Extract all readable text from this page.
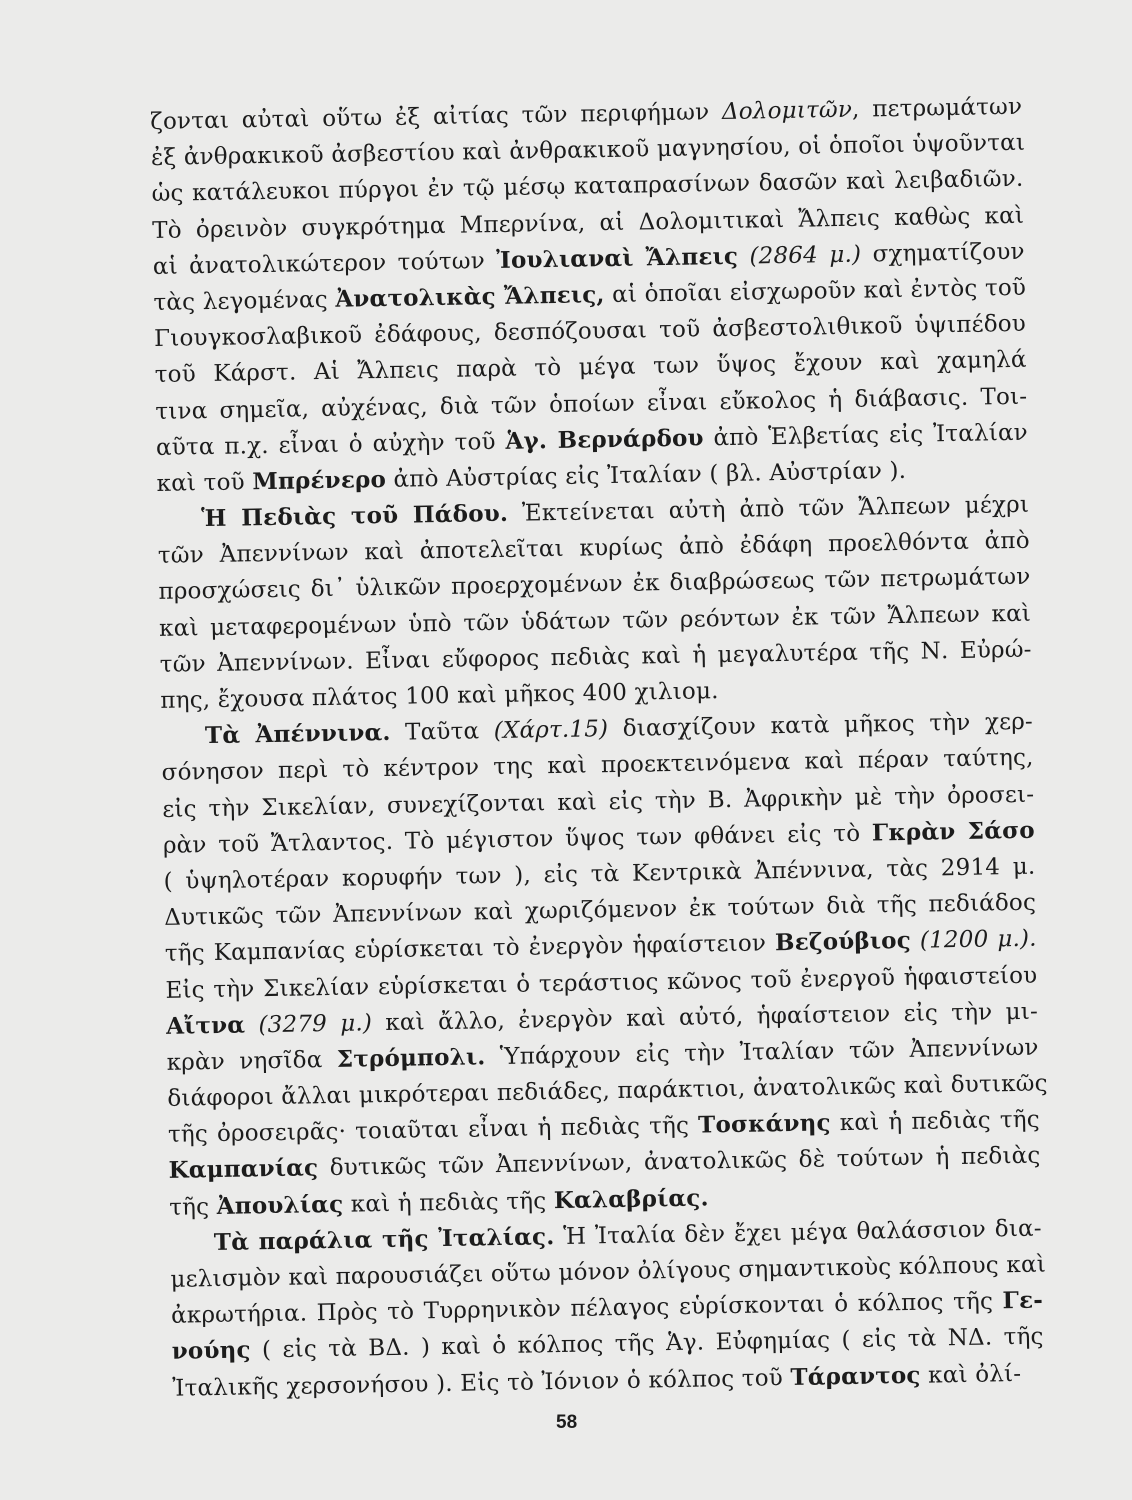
ζονται αὐταὶ οὕτω ἐξ αἰτίας τῶν περιφήμων Δολομιτῶν, πετρωμάτων
ἐξ ἀνθρακικοῦ ἀσβεστίου καὶ ἀνθρακικοῦ μαγνησίου, οἱ ὁποῖοι ὑψοῦνται
ὡς κατάλευκοι πύργοι ἐν τῷ μέσῳ καταπρασίνων δασῶν καὶ λειβαδιῶν.
Τὸ ὀρεινὸν συγκρότημα Μπερνίνα, αἱ Δολομιτικαὶ Ἄλπεις καθὼς καὶ
αἱ ἀνατολικώτερον τούτων Ἰουλιαναὶ Ἄλπεις (2864 μ.) σχηματίζουν
τὰς λεγομένας Ἀνατολικὰς Ἄλπεις, αἱ ὁποῖαι εἰσχωροῦν καὶ ἐντὸς τοῦ
Γιουγκοσλαβικοῦ ἐδάφους, δεσπόζουσαι τοῦ ἀσβεστολιθικοῦ ὑψιπέδου
τοῦ Κάρστ. Αἱ Ἄλπεις παρὰ τὸ μέγα των ὕψος ἔχουν καὶ χαμηλά
τινα σημεῖα, αὐχένας, διὰ τῶν ὁποίων εἶναι εὔκολος ἡ διάβασις. Τοι-
αῦτα π.χ. εἶναι ὁ αὐχὴν τοῦ Ἁγ. Βερνάρδου ἀπὸ Ἑλβετίας εἰς Ἰταλίαν
καὶ τοῦ Μπρένερο ἀπὸ Αὐστρίας εἰς Ἰταλίαν ( βλ. Αὐστρίαν ).
Ἡ Πεδιὰς τοῦ Πάδου. Ἐκτείνεται αὐτὴ ἀπὸ τῶν Ἄλπεων μέχρι
τῶν Ἀπεννίνων καὶ ἀποτελεῖται κυρίως ἀπὸ ἐδάφη προελθόντα ἀπὸ
προσχώσεις δι᾽ ὑλικῶν προερχομένων ἐκ διαβρώσεως τῶν πετρωμάτων
καὶ μεταφερομένων ὑπὸ τῶν ὑδάτων τῶν ρεόντων ἐκ τῶν Ἄλπεων καὶ
τῶν Ἀπεννίνων. Εἶναι εὔφορος πεδιὰς καὶ ἡ μεγαλυτέρα τῆς Ν. Εὐρώ-
πης, ἔχουσα πλάτος 100 καὶ μῆκος 400 χιλιομ.
Τὰ Ἀπέννινα. Ταῦτα (Χάρτ.15) διασχίζουν κατὰ μῆκος τὴν χερ-
σόνησον περὶ τὸ κέντρον της καὶ προεκτεινόμενα καὶ πέραν ταύτης,
εἰς τὴν Σικελίαν, συνεχίζονται καὶ εἰς τὴν Β. Ἀφρικὴν μὲ τὴν ὀροσει-
ρὰν τοῦ Ἄτλαντος. Τὸ μέγιστον ὕψος των φθάνει εἰς τὸ Γκρὰν Σάσο
( ὑψηλοτέραν κορυφήν των ), εἰς τὰ Κεντρικὰ Ἀπέννινα, τὰς 2914 μ.
Δυτικῶς τῶν Ἀπεννίνων καὶ χωριζόμενον ἐκ τούτων διὰ τῆς πεδιάδος
τῆς Καμπανίας εὑρίσκεται τὸ ἐνεργὸν ἡφαίστειον Βεζούβιος (1200 μ.).
Εἰς τὴν Σικελίαν εὑρίσκεται ὁ τεράστιος κῶνος τοῦ ἐνεργοῦ ἡφαιστείου
Αἴτνα (3279 μ.) καὶ ἄλλο, ἐνεργὸν καὶ αὐτό, ἡφαίστειον εἰς τὴν μι-
κρὰν νησῖδα Στρόμπολι. Ὑπάρχουν εἰς τὴν Ἰταλίαν τῶν Ἀπεννίνων
διάφοροι ἄλλαι μικρότεραι πεδιάδες, παράκτιοι, ἀνατολικῶς καὶ δυτικῶς
τῆς ὀροσειρᾶς· τοιαῦται εἶναι ἡ πεδιὰς τῆς Τοσκάνης καὶ ἡ πεδιὰς τῆς
Καμπανίας δυτικῶς τῶν Ἀπεννίνων, ἀνατολικῶς δὲ τούτων ἡ πεδιὰς
τῆς Ἀπουλίας καὶ ἡ πεδιὰς τῆς Καλαβρίας.
Τὰ παράλια τῆς Ἰταλίας. Ἡ Ἰταλία δὲν ἔχει μέγα θαλάσσιον δια-
μελισμὸν καὶ παρουσιάζει οὕτω μόνον ὀλίγους σημαντικοὺς κόλπους καὶ
ἀκρωτήρια. Πρὸς τὸ Τυρρηνικὸν πέλαγος εὑρίσκονται ὁ κόλπος τῆς Γε-
νούης ( εἰς τὰ ΒΔ. ) καὶ ὁ κόλπος τῆς Ἁγ. Εὐφημίας ( εἰς τὰ ΝΔ. τῆς
Ἰταλικῆς χερσονήσου ). Εἰς τὸ Ἰόνιον ὁ κόλπος τοῦ Τάραντος καὶ ὀλί-
58
